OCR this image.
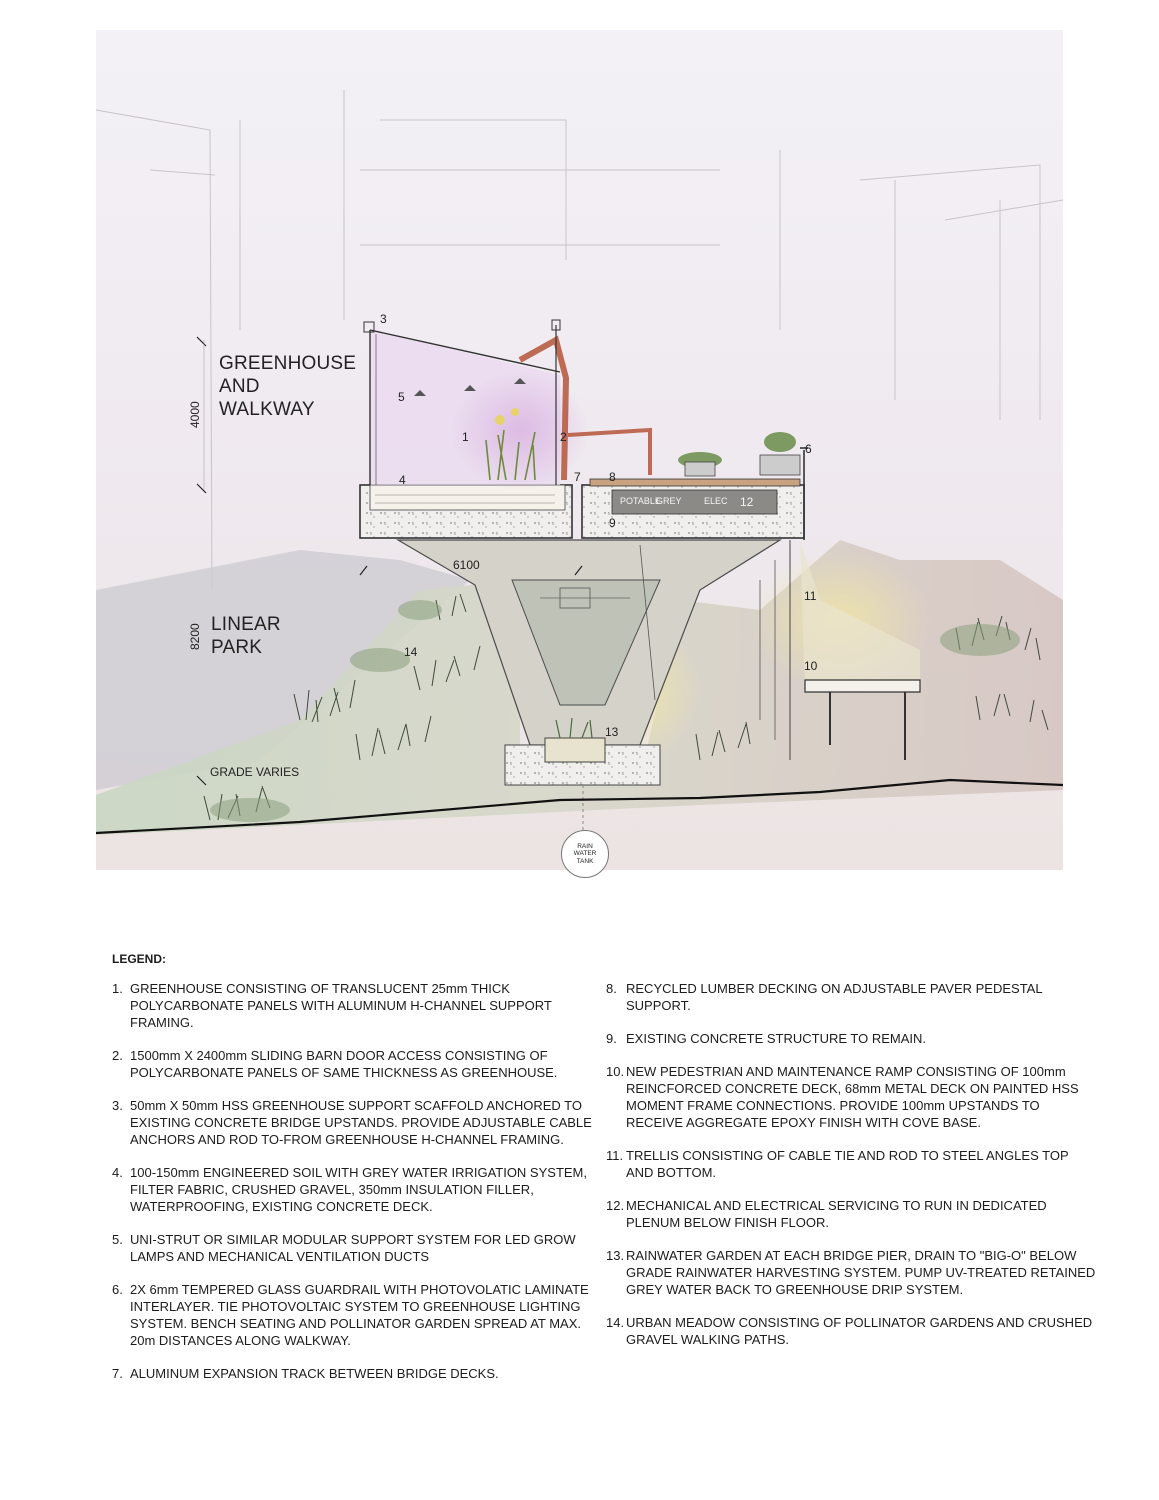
GREENHOUSE
AND
WALKWAY
LINEAR
PARK
GRADE VARIES
4000
8200
6100
POTABLE
GREY ELEC
1	2
3
4
5
6
7 8
9
10
11
12
13
14
RAIN
WATER
TANK
LEGEND:
1. GREENHOUSE CONSISTING OF TRANSLUCENT 25mm THICK POLYCARBONATE PANELS WITH ALUMINUM H-CHANNEL SUPPORT FRAMING.
2. 1500mm X 2400mm SLIDING BARN DOOR ACCESS CONSISTING OF POLYCARBONATE PANELS OF SAME THICKNESS AS GREENHOUSE.
3. 50mm X 50mm HSS GREENHOUSE SUPPORT SCAFFOLD ANCHORED TO EXISTING CONCRETE BRIDGE UPSTANDS. PROVIDE ADJUSTABLE CABLE ANCHORS AND ROD TO-FROM GREENHOUSE H-CHANNEL FRAMING.
4. 100-150mm ENGINEERED SOIL WITH GREY WATER IRRIGATION SYSTEM, FILTER FABRIC, CRUSHED GRAVEL, 350mm INSULATION FILLER, WATERPROOFING, EXISTING CONCRETE DECK.
5. UNI-STRUT OR SIMILAR MODULAR SUPPORT SYSTEM FOR LED GROW LAMPS AND MECHANICAL VENTILATION DUCTS
6. 2X 6mm TEMPERED GLASS GUARDRAIL WITH PHOTOVOLATIC LAMINATE INTERLAYER. TIE PHOTOVOLTAIC SYSTEM TO GREENHOUSE LIGHTING SYSTEM. BENCH SEATING AND POLLINATOR GARDEN SPREAD AT MAX. 20m DISTANCES ALONG WALKWAY.
7. ALUMINUM EXPANSION TRACK BETWEEN BRIDGE DECKS.
8. RECYCLED LUMBER DECKING ON ADJUSTABLE PAVER PEDESTAL SUPPORT.
9. EXISTING CONCRETE STRUCTURE TO REMAIN.
10. NEW PEDESTRIAN AND MAINTENANCE RAMP CONSISTING OF 100mm REINCFORCED CONCRETE DECK, 68mm METAL DECK ON PAINTED HSS MOMENT FRAME CONNECTIONS. PROVIDE 100mm UPSTANDS TO RECEIVE AGGREGATE EPOXY FINISH WITH COVE BASE.
11. TRELLIS CONSISTING OF CABLE TIE AND ROD TO STEEL ANGLES TOP AND BOTTOM.
12. MECHANICAL AND ELECTRICAL SERVICING TO RUN IN DEDICATED PLENUM BELOW FINISH FLOOR.
13. RAINWATER GARDEN AT EACH BRIDGE PIER, DRAIN TO "BIG-O" BELOW GRADE RAINWATER HARVESTING SYSTEM. PUMP UV-TREATED RETAINED GREY WATER BACK TO GREENHOUSE DRIP SYSTEM.
14. URBAN MEADOW CONSISTING OF POLLINATOR GARDENS AND CRUSHED GRAVEL WALKING PATHS.
